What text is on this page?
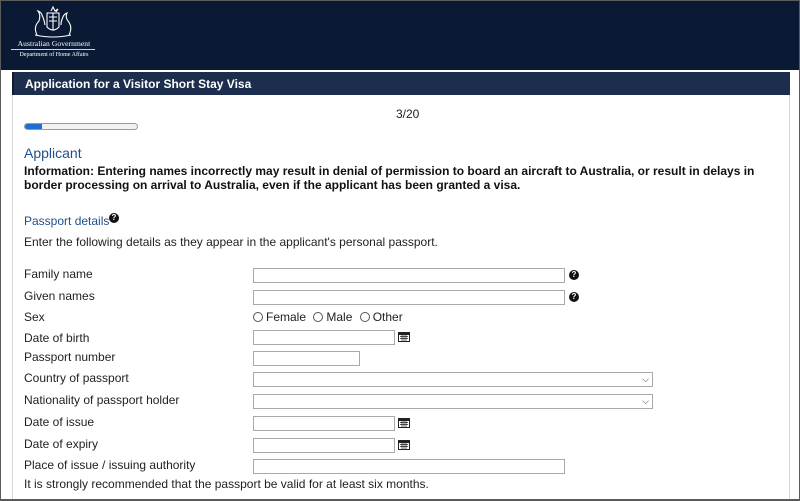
Australian Government
Department of Home Affairs
Application for a Visitor Short Stay Visa
3/20
Applicant
Information: Entering names incorrectly may result in denial of permission to board an aircraft to Australia, or result in delays in border processing on arrival to Australia, even if the applicant has been granted a visa.
Passport details ?
Enter the following details as they appear in the applicant's personal passport.
Family name	?
Given names	?
Sex	Female Male Other
Date of birth
Passport number
Country of passport	⌵
Nationality of passport holder	⌵
Date of issue
Date of expiry
Place of issue / issuing authority
It is strongly recommended that the passport be valid for at least six months.
